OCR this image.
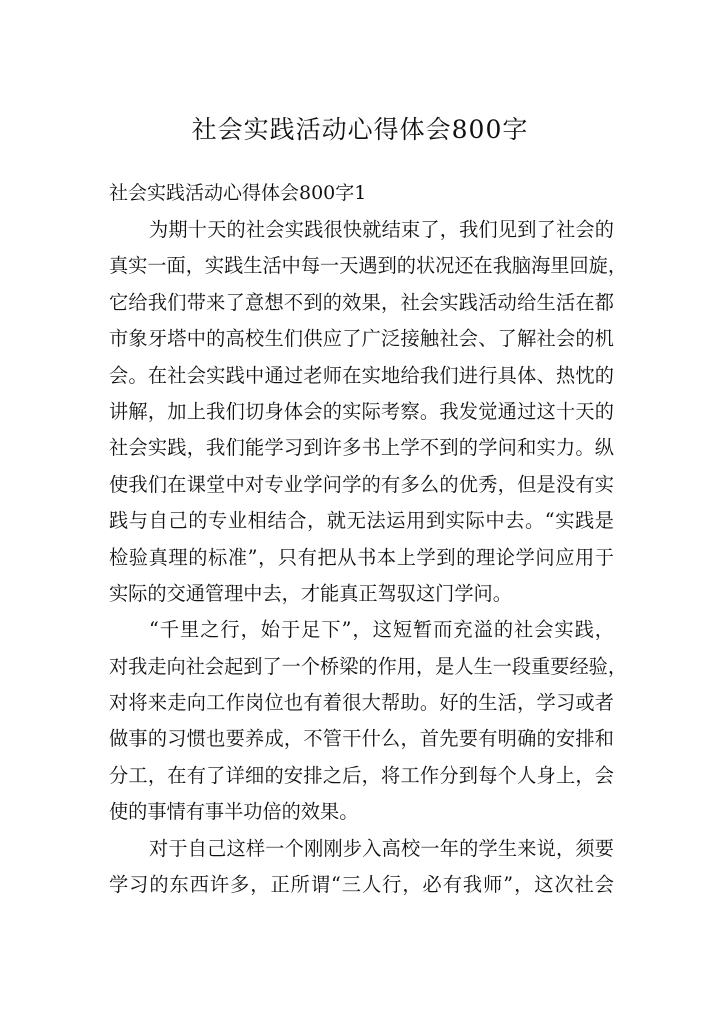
社会实践活动心得体会800字
社会实践活动心得体会800字1
为期十天的社会实践很快就结束了，我们见到了社会的
真实一面，实践生活中每一天遇到的状况还在我脑海里回旋，
它给我们带来了意想不到的效果，社会实践活动给生活在都
市象牙塔中的高校生们供应了广泛接触社会、了解社会的机
会。在社会实践中通过老师在实地给我们进行具体、热忱的
讲解，加上我们切身体会的实际考察。我发觉通过这十天的
社会实践，我们能学习到许多书上学不到的学问和实力。纵
使我们在课堂中对专业学问学的有多么的优秀，但是没有实
践与自己的专业相结合，就无法运用到实际中去。“实践是
检验真理的标准”，只有把从书本上学到的理论学问应用于
实际的交通管理中去，才能真正驾驭这门学问。
“千里之行，始于足下”，这短暂而充溢的社会实践，
对我走向社会起到了一个桥梁的作用，是人生一段重要经验，
对将来走向工作岗位也有着很大帮助。好的生活，学习或者
做事的习惯也要养成，不管干什么，首先要有明确的安排和
分工，在有了详细的安排之后，将工作分到每个人身上，会
使的事情有事半功倍的效果。
对于自己这样一个刚刚步入高校一年的学生来说，须要
学习的东西许多，正所谓“三人行，必有我师”，这次社会
